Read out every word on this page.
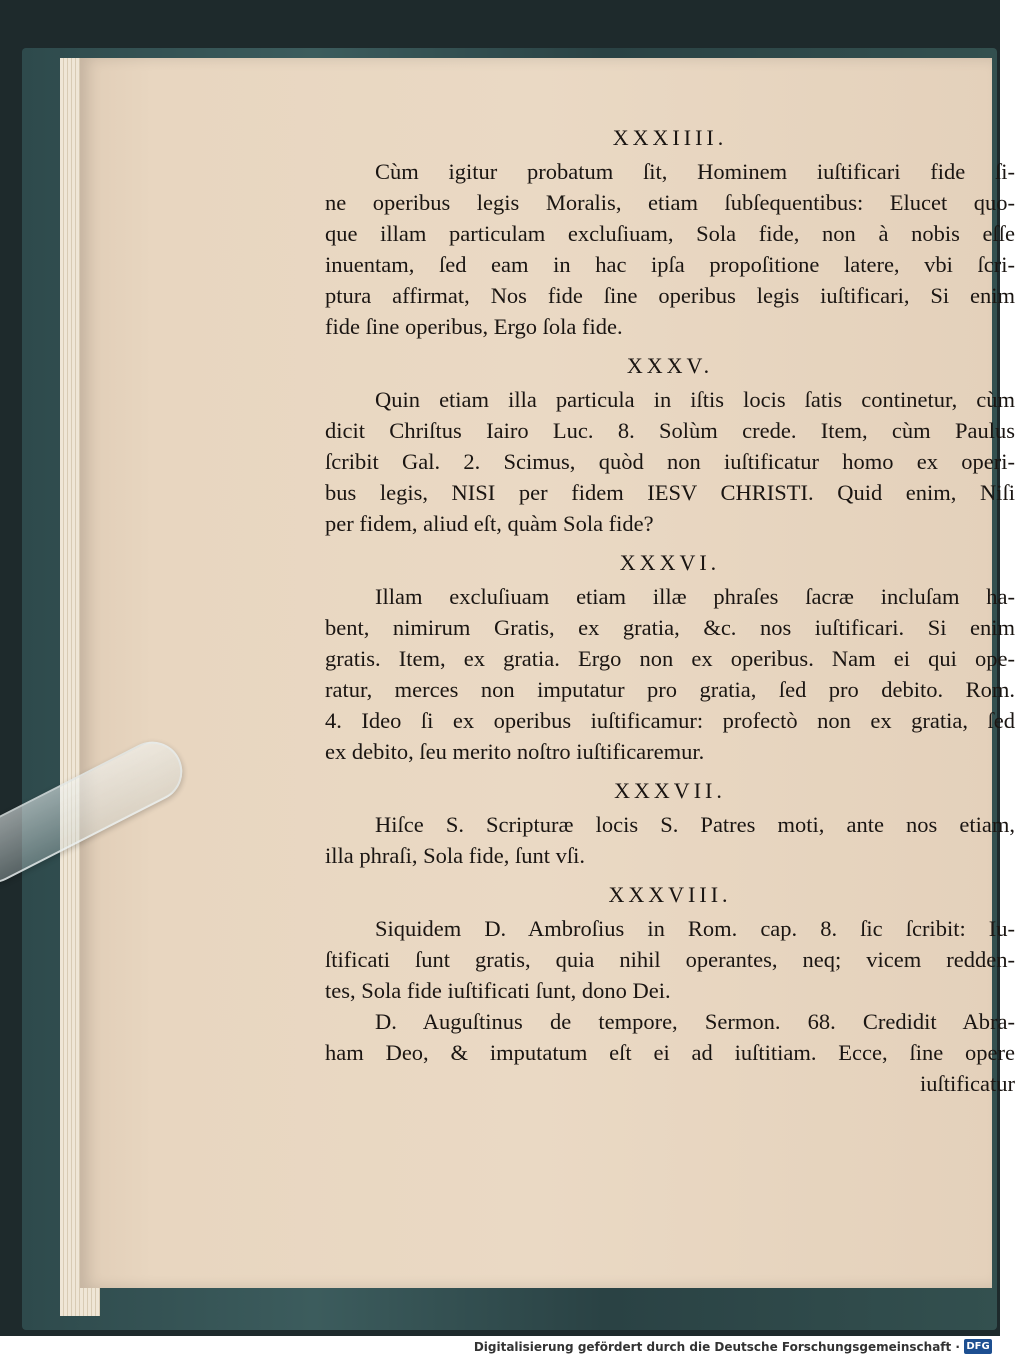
XXXIIII.
Cùm igitur probatum ſit, Hominem iuſtificari fide ſi-
ne operibus legis Moralis, etiam ſubſequentibus: Elucet quo-
que illam particulam excluſiuam, Sola fide, non à nobis eſſe
inuentam, ſed eam in hac ipſa propoſitione latere, vbi ſcri-
ptura affirmat, Nos fide ſine operibus legis iuſtificari, Si enim
fide ſine operibus, Ergo ſola fide.
XXXV.
Quin etiam illa particula in iſtis locis ſatis continetur, cùm
dicit Chriſtus Iairo Luc. 8. Solùm crede. Item, cùm Paulus
ſcribit Gal. 2. Scimus, quòd non iuſtificatur homo ex operi-
bus legis, NISI per fidem IESV CHRISTI. Quid enim, Niſi
per fidem, aliud eſt, quàm Sola fide?
XXXVI.
Illam excluſiuam etiam illæ phraſes ſacræ incluſam ha-
bent, nimirum Gratis, ex gratia, &c. nos iuſtificari. Si enim
gratis. Item, ex gratia. Ergo non ex operibus. Nam ei qui ope-
ratur, merces non imputatur pro gratia, ſed pro debito. Rom.
4. Ideo ſi ex operibus iuſtificamur: profectò non ex gratia, ſed
ex debito, ſeu merito noſtro iuſtificaremur.
XXXVII.
Hiſce S. Scripturæ locis S. Patres moti, ante nos etiam,
illa phraſi, Sola fide, ſunt vſi.
XXXVIII.
Siquidem D. Ambroſius in Rom. cap. 8. ſic ſcribit: Iu-
ſtificati ſunt gratis, quia nihil operantes, neq; vicem redden-
tes, Sola fide iuſtificati ſunt, dono Dei.
D. Auguſtinus de tempore, Sermon. 68. Credidit Abra-
ham Deo, & imputatum eſt ei ad iuſtitiam. Ecce, ſine opere
iuſtificatur
Digitalisierung gefördert durch die Deutsche Forschungsgemeinschaft · DFG
